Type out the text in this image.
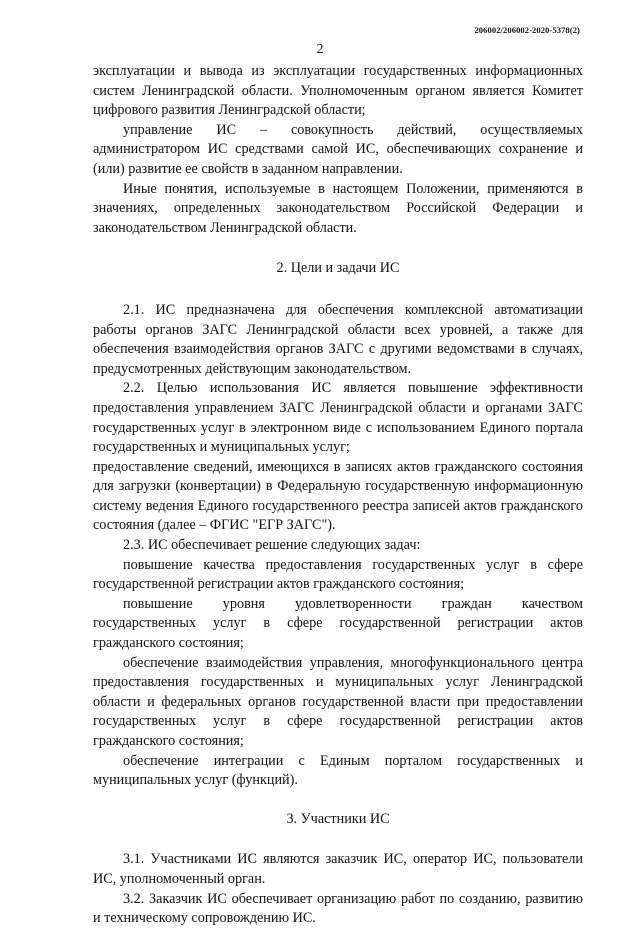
206002/206002-2020-5378(2)
2

эксплуатации и вывода из эксплуатации государственных информационных систем Ленинградской области. Уполномоченным органом является Комитет цифрового развития Ленинградской области;

управление ИС – совокупность действий, осуществляемых администратором ИС средствами самой ИС, обеспечивающих сохранение и (или) развитие ее свойств в заданном направлении.

Иные понятия, используемые в настоящем Положении, применяются в значениях, определенных законодательством Российской Федерации и законодательством Ленинградской области.

2. Цели и задачи ИС

2.1. ИС предназначена для обеспечения комплексной автоматизации работы органов ЗАГС Ленинградской области всех уровней, а также для обеспечения взаимодействия органов ЗАГС с другими ведомствами в случаях, предусмотренных действующим законодательством.

2.2. Целью использования ИС является повышение эффективности предоставления управлением ЗАГС Ленинградской области и органами ЗАГС государственных услуг в электронном виде с использованием Единого портала государственных и муниципальных услуг;

предоставление сведений, имеющихся в записях актов гражданского состояния для загрузки (конвертации) в Федеральную государственную информационную систему ведения Единого государственного реестра записей актов гражданского состояния (далее – ФГИС "ЕГР ЗАГС").

2.3. ИС обеспечивает решение следующих задач:

повышение качества предоставления государственных услуг в сфере государственной регистрации актов гражданского состояния;

повышение уровня удовлетворенности граждан качеством государственных услуг в сфере государственной регистрации актов гражданского состояния;

обеспечение взаимодействия управления, многофункционального центра предоставления государственных и муниципальных услуг Ленинградской области и федеральных органов государственной власти при предоставлении государственных услуг в сфере государственной регистрации актов гражданского состояния;

обеспечение интеграции с Единым порталом государственных и муниципальных услуг (функций).

3. Участники ИС

3.1. Участниками ИС являются заказчик ИС, оператор ИС, пользователи ИС, уполномоченный орган.

3.2. Заказчик ИС обеспечивает организацию работ по созданию, развитию и техническому сопровождению ИС.
